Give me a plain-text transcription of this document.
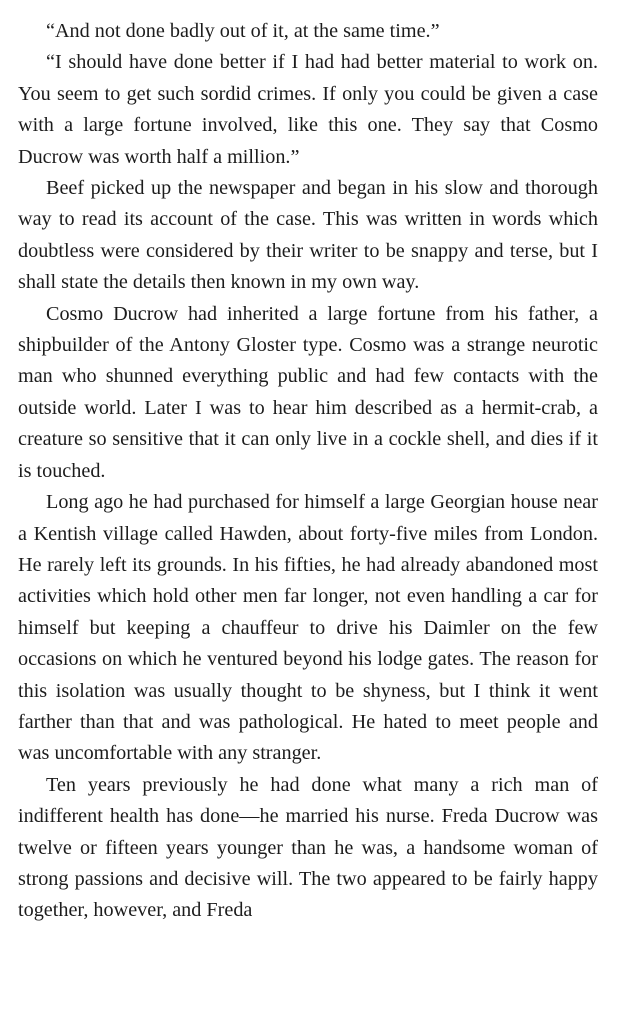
“And not done badly out of it, at the same time.”

“I should have done better if I had had better material to work on. You seem to get such sordid crimes. If only you could be given a case with a large fortune involved, like this one. They say that Cosmo Ducrow was worth half a million.”

Beef picked up the newspaper and began in his slow and thorough way to read its account of the case. This was written in words which doubtless were considered by their writer to be snappy and terse, but I shall state the details then known in my own way.

Cosmo Ducrow had inherited a large fortune from his father, a shipbuilder of the Antony Gloster type. Cosmo was a strange neurotic man who shunned everything public and had few contacts with the outside world. Later I was to hear him described as a hermit-crab, a creature so sensitive that it can only live in a cockle shell, and dies if it is touched.

Long ago he had purchased for himself a large Georgian house near a Kentish village called Hawden, about forty-five miles from London. He rarely left its grounds. In his fifties, he had already abandoned most activities which hold other men far longer, not even handling a car for himself but keeping a chauffeur to drive his Daimler on the few occasions on which he ventured beyond his lodge gates. The reason for this isolation was usually thought to be shyness, but I think it went farther than that and was pathological. He hated to meet people and was uncomfortable with any stranger.

Ten years previously he had done what many a rich man of indifferent health has done—he married his nurse. Freda Ducrow was twelve or fifteen years younger than he was, a handsome woman of strong passions and decisive will. The two appeared to be fairly happy together, however, and Freda
